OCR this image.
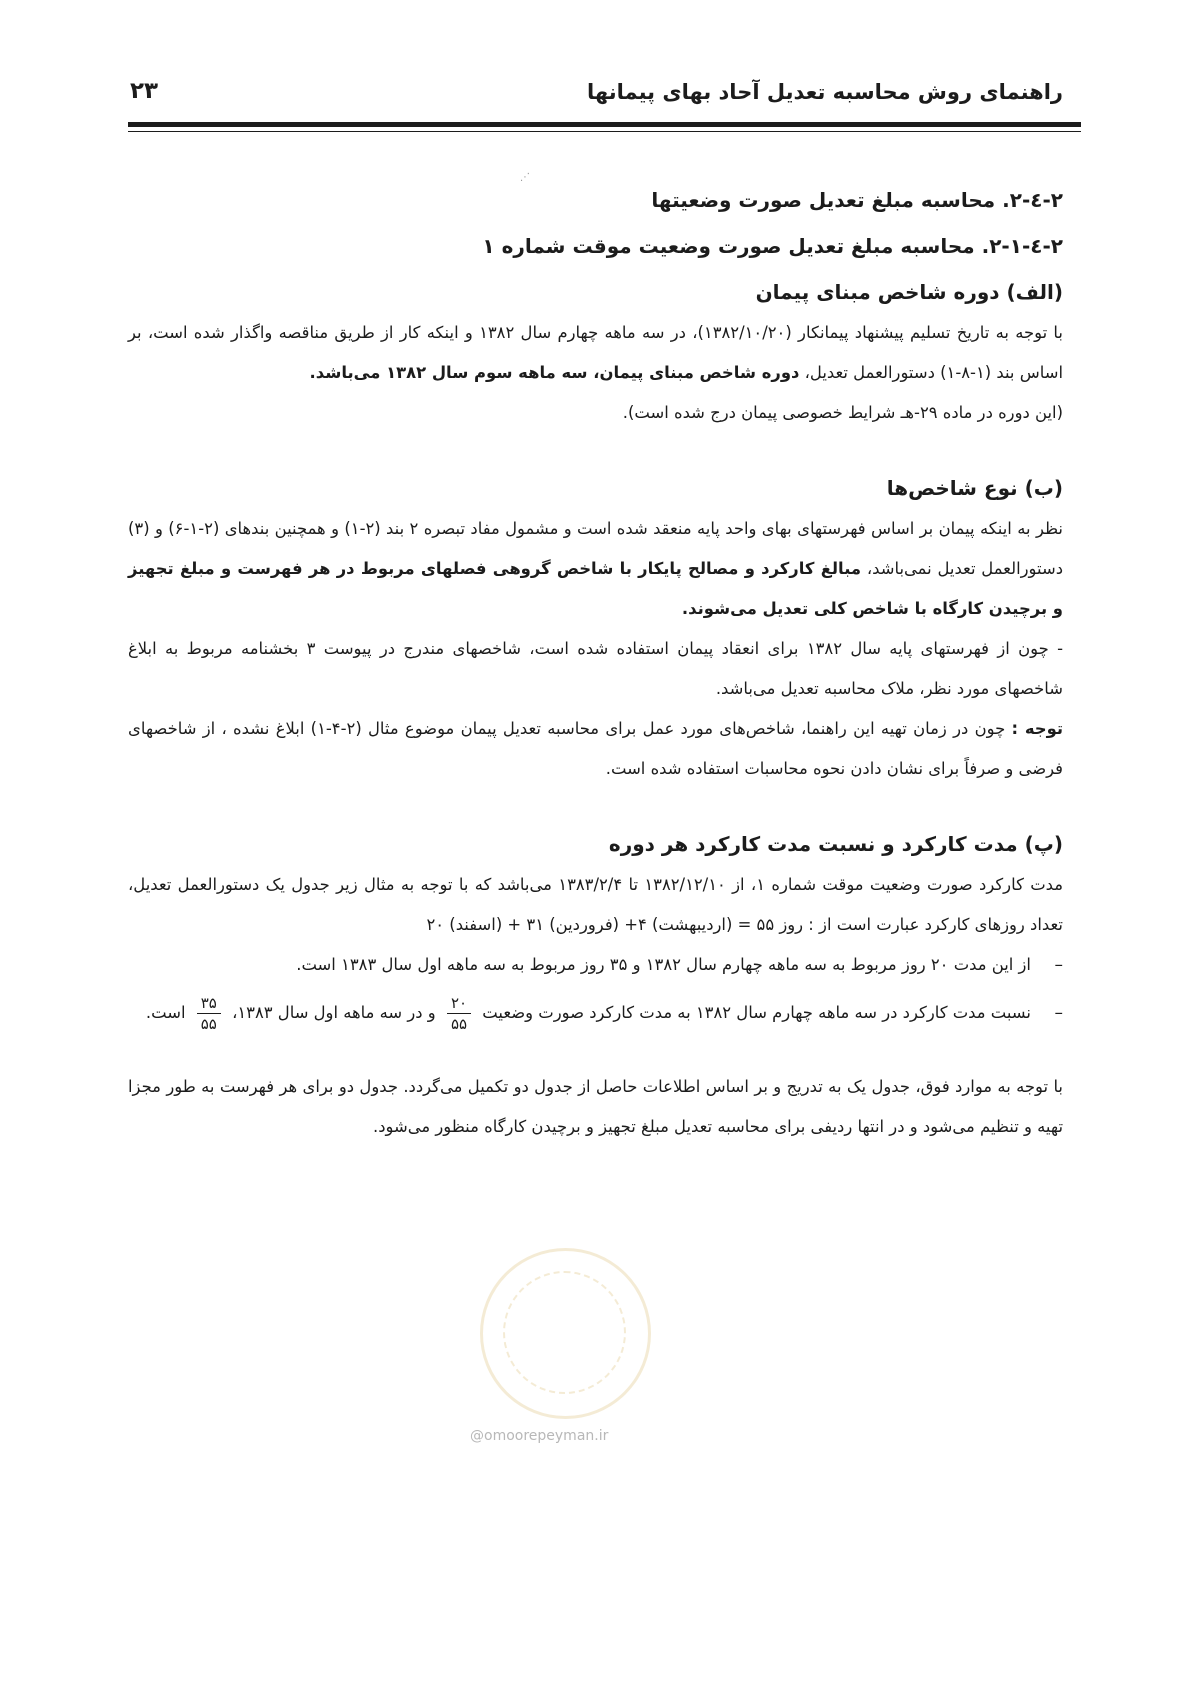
راهنمای روش محاسبه تعدیل آحاد بهای پیمانها
۲۳
⋰
۲-٤-۲. محاسبه مبلغ تعدیل صورت وضعیتها
۲-٤-۲-۱. محاسبه مبلغ تعدیل صورت وضعیت موقت شماره ۱
(الف) دوره شاخص مبنای پیمان

با توجه به تاریخ تسلیم پیشنهاد پیمانکار (۱۳۸۲/۱۰/۲۰)، در سه ماهه چهارم سال ۱۳۸۲ و اینکه کار از طریق مناقصه واگذار شده است، بر اساس بند (۱-۸-۱) دستورالعمل تعدیل، دوره شاخص مبنای پیمان، سه ماهه سوم سال ۱۳۸۲ می‌باشد.

(این دوره در ماده ۲۹-هـ شرایط خصوصی پیمان درج شده است).

(ب) نوع شاخص‌ها

نظر به اینکه پیمان بر اساس فهرستهای بهای واحد پایه منعقد شده است و مشمول مفاد تبصره ۲ بند (۲-۱) و همچنین بندهای (۲-۱-۶) و (۳) دستورالعمل تعدیل نمی‌باشد، مبالغ کارکرد و مصالح پایکار با شاخص گروهی فصلهای مربوط در هر فهرست و مبلغ تجهیز و برچیدن کارگاه با شاخص کلی تعدیل می‌شوند.

- چون از فهرستهای پایه سال ۱۳۸۲ برای انعقاد پیمان استفاده شده است، شاخصهای مندرج در پیوست ۳ بخشنامه مربوط به ابلاغ شاخصهای مورد نظر، ملاک محاسبه تعدیل می‌باشد.

توجه : چون در زمان تهیه این راهنما، شاخص‌های مورد عمل برای محاسبه تعدیل پیمان موضوع مثال (۲-۴-۱) ابلاغ نشده ، از شاخصهای فرضی و صرفاً برای نشان دادن نحوه محاسبات استفاده شده است.

(پ) مدت کارکرد و نسبت مدت کارکرد هر دوره

مدت کارکرد صورت وضعیت موقت شماره ۱، از ۱۳۸۲/۱۲/۱۰ تا ۱۳۸۳/۲/۴ می‌باشد که با توجه به مثال زیر جدول یک دستورالعمل تعدیل، تعداد روزهای کارکرد عبارت است از : روز ۵۵ = (اردیبهشت) ۴+ (فروردین) ۳۱ + (اسفند) ۲۰

–

از این مدت ۲۰ روز مربوط به سه ماهه چهارم سال ۱۳۸۲ و ۳۵ روز مربوط به سه ماهه اول سال ۱۳۸۳ است.

–
نسبت مدت کارکرد در سه ماهه چهارم سال ۱۳۸۲ به مدت کارکرد صورت وضعیت
$\frac{۲۰}{۵۵}$
و در سه ماهه اول سال ۱۳۸۳،
$\frac{۳۵}{۵۵}$
است.

با توجه به موارد فوق، جدول یک به تدریج و بر اساس اطلاعات حاصل از جدول دو تکمیل می‌گردد. جدول دو برای هر فهرست به طور مجزا تهیه و تنظیم می‌شود و در انتها ردیفی برای محاسبه تعدیل مبلغ تجهیز و برچیدن کارگاه منظور می‌شود.

@omoorepeyman.ir
